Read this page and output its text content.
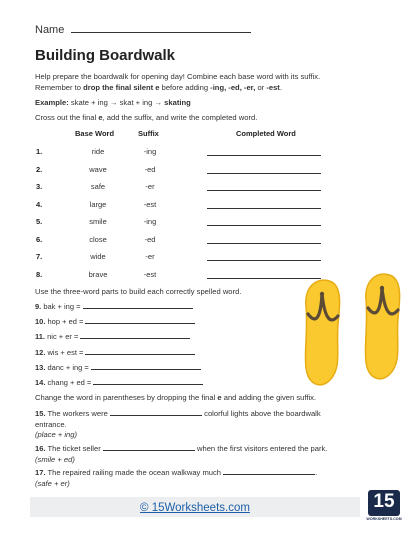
Name
Building Boardwalk
Help prepare the boardwalk for opening day! Combine each base word with its suffix.
Remember to drop the final silent e before adding -ing, -ed, -er, or -est.
Example: skate + ing → skat + ing → skating
Cross out the final e, add the suffix, and write the completed word.
Base Word	Suffix	Completed Word
1.	ride	-ing
2.	wave	-ed
3.	safe	-er
4.	large	-est
5.	smile	-ing
6.	close	-ed
7.	wide	-er
8.	brave	-est
Use the three-word parts to build each correctly spelled word.
9. bak + ing =
10. hop + ed =
11. nic + er =
12. wis + est =
13. danc + ing =
14. chang + ed =
Change the word in parentheses by dropping the final e and adding the given suffix.
15. The workers were	colorful lights above the boardwalk
entrance.
(place + ing)
16. The ticket seller	when the first visitors entered the park.
(smile + ed)
17. The repaired railing made the ocean walkway much	.
(safe + er)
© 15Worksheets.com	15
WORKSHEETS.COM
